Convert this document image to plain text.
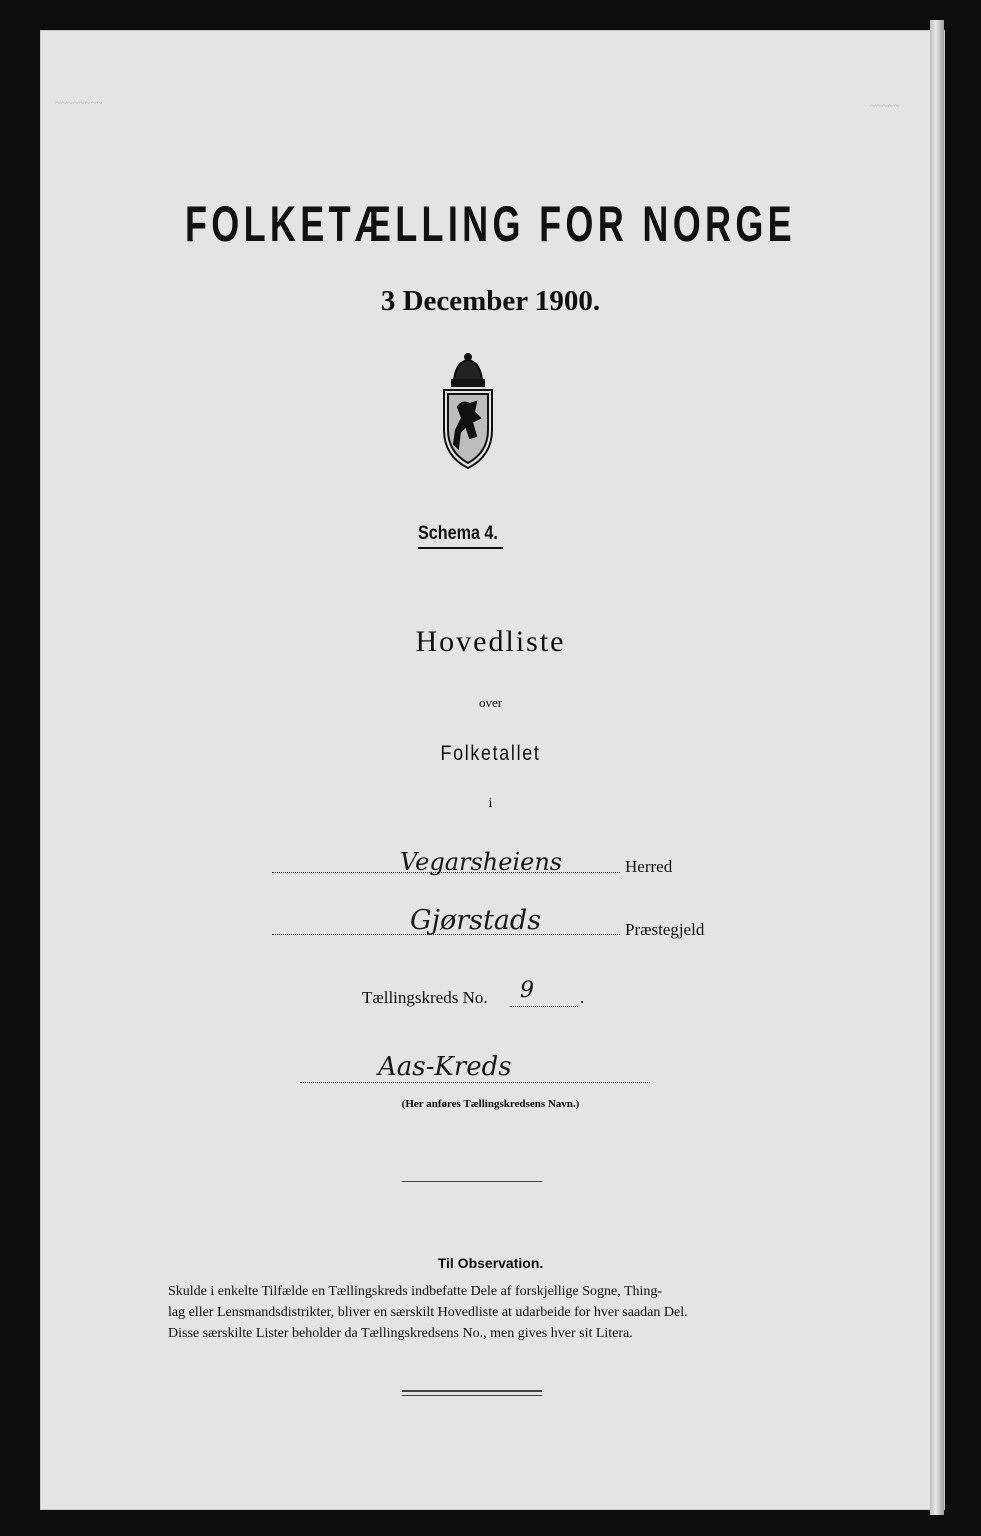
~~~~~~~~	~~~~~
FOLKETÆLLING FOR NORGE
3 December 1900.
Schema 4.
Hovedliste
over
Folketallet
i
Vegarsheiens	Herred
Gjørstads	Præstegjeld
Tællingskreds No. 9	.
Aas-Kreds
(Her anføres Tællingskredsens Navn.)
Til Observation.
Skulde i enkelte Tilfælde en Tællingskreds indbefatte Dele af forskjellige Sogne, Thing-
lag eller Lensmandsdistrikter, bliver en særskilt Hovedliste at udarbeide for hver saadan Del.
Disse særskilte Lister beholder da Tællingskredsens No., men gives hver sit Litera.
